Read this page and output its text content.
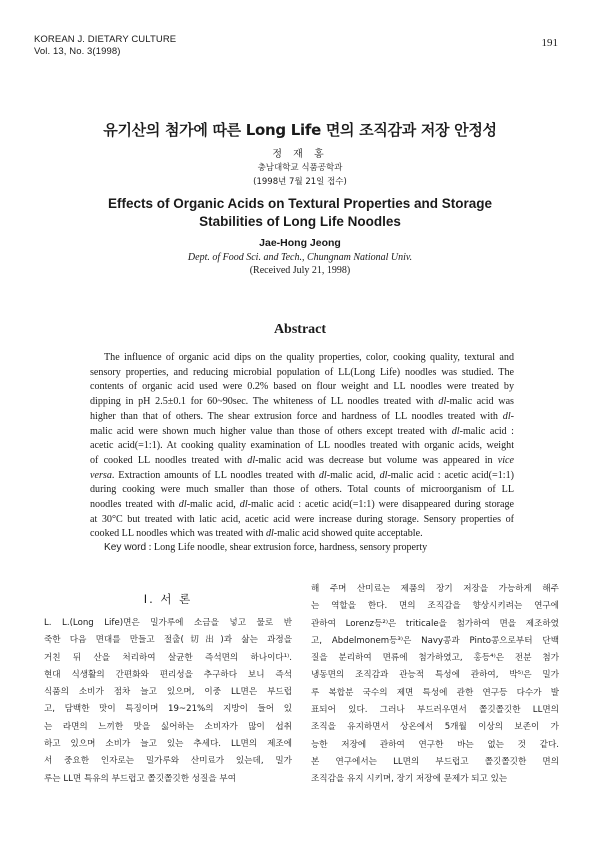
KOREAN J. DIETARY CULTURE
Vol. 13, No. 3(1998)
191
유기산의 첨가에 따른 Long Life 면의 조직감과 저장 안정성
정 재 홍
충남대학교 식품공학과
(1998년 7월 21일 접수)
Effects of Organic Acids on Textural Properties and Storage
Stabilities of Long Life Noodles
Jae-Hong Jeong
Dept. of Food Sci. and Tech., Chungnam National Univ.
(Received July 21, 1998)
Abstract
The influence of organic acid dips on the quality properties, color, cooking quality, textural and
sensory properties, and reducing microbial population of LL(Long Life) noodles was studied. The
contents of organic acid used were 0.2% based on flour weight and LL noodles were treated by
dipping in pH 2.5±0.1 for 60~90sec. The whiteness of LL noodles treated with dl-malic acid was
higher than that of others. The shear extrusion force and hardness of LL noodles treated with dl-
malic acid were shown much higher value than those of others except treated with dl-malic acid :
acetic acid(=1:1). At cooking quality examination of LL noodles treated with organic acids, weight
of cooked LL noodles treated with dl-malic acid was decrease but volume was appeared in vice
versa. Extraction amounts of LL noodles treated with dl-malic acid, dl-malic acid : acetic acid(=1:1)
during cooking were much smaller than those of others. Total counts of microorganism of LL
noodles treated with dl-malic acid, dl-malic acid : acetic acid(=1:1) were disappeared during storage
at 30°C but treated with latic acid, acetic acid were increase during storage. Sensory properties of
cooked LL noodles which was treated with dl-malic acid showed quite acceptable.
Key word : Long Life noodle, shear extrusion force, hardness, sensory property
I. 서 론
L. L.(Long Life)면은 밀가루에 소금을 넣고 물로 반
죽한 다음 면대를 만들고 절출(切出)과 삶는 과정을
거친 뒤 산을 처리하여 살균한 즉석면의 하나이다¹⁾.
현대 식생활의 간편화와 편리성을 추구하다 보니 즉석
식품의 소비가 점차 늘고 있으며, 이중 LL면은 부드럽
고, 담백한 맛이 특징이며 19~21%의 지방이 들어 있
는 라면의 느끼한 맛을 싫어하는 소비자가 많이 섭취
하고 있으며 소비가 늘고 있는 추세다. LL면의 제조에
서 중요한 인자로는 밀가루와 산미료가 있는데, 밀가
루는 LL면 특유의 부드럽고 쫄깃쫄깃한 성질을 부여
해 주며 산미료는 제품의 장기 저장을 가능하게 해주
는 역할을 한다. 면의 조직감을 향상시키려는 연구에
관하여 Lorenz등²⁾은 triticale을 첨가하여 면을 제조하였
고, Abdelmonem등³⁾은 Navy콩과 Pinto콩으로부터 단백
질을 분리하여 면류에 첨가하였고, 홍등⁴⁾은 전분 첨가
냉동면의 조직감과 관능적 특성에 관하여, 박⁵⁾은 밀가
루 복합분 국수의 제면 특성에 관한 연구등 다수가 발
표되어 있다. 그러나 부드러우면서 쫄깃쫄깃한 LL면의
조직을 유지하면서 상온에서 5개월 이상의 보존이 가
능한 저장에 관하여 연구한 바는 없는 것 같다.
본 연구에서는 LL면의 부드럽고 쫄깃쫄깃한 면의
조직감을 유지 시키며, 장기 저장에 문제가 되고 있는
